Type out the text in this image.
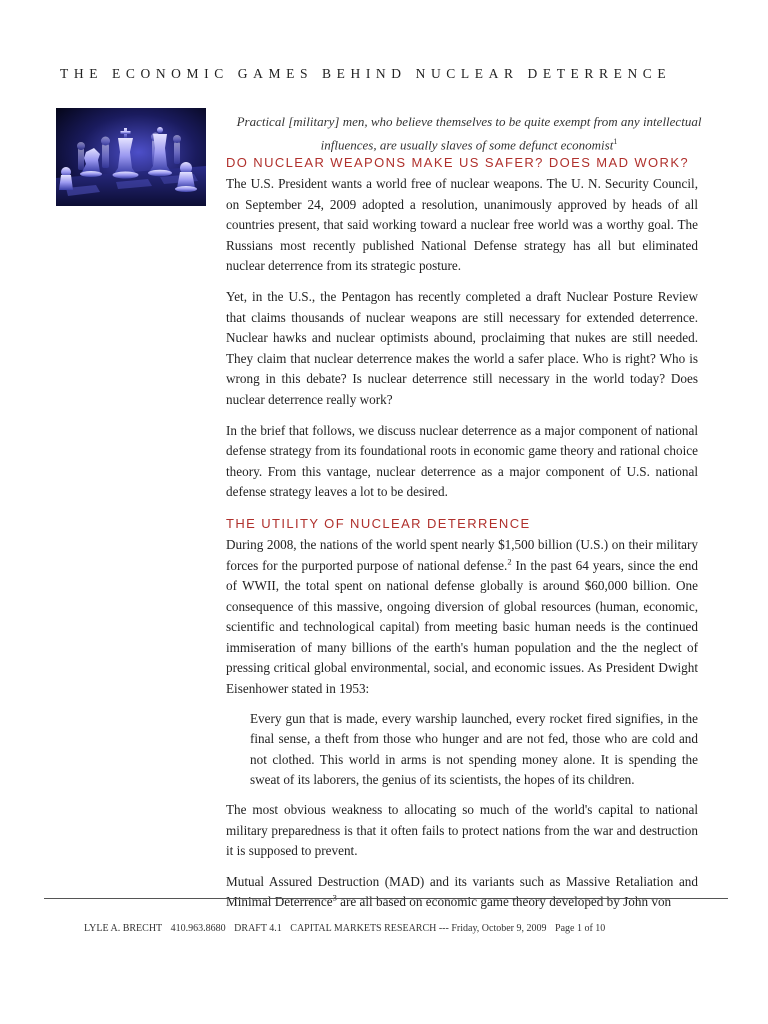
THE ECONOMIC GAMES BEHIND NUCLEAR DETERRENCE
Practical [military] men, who believe themselves to be quite exempt from any intellectual influences, are usually slaves of some defunct economist$^1$
DO NUCLEAR WEAPONS MAKE US SAFER? DOES MAD WORK?

The U.S. President wants a world free of nuclear weapons. The U. N. Security Council, on September 24, 2009 adopted a resolution, unanimously approved by heads of all countries present, that said working toward a nuclear free world was a worthy goal. The Russians most recently published National Defense strategy has all but eliminated nuclear deterrence from its strategic posture.

Yet, in the U.S., the Pentagon has recently completed a draft Nuclear Posture Review that claims thousands of nuclear weapons are still necessary for extended deterrence. Nuclear hawks and nuclear optimists abound, proclaiming that nukes are still needed. They claim that nuclear deterrence makes the world a safer place. Who is right? Who is wrong in this debate? Is nuclear deterrence still necessary in the world today? Does nuclear deterrence really work?

In the brief that follows, we discuss nuclear deterrence as a major component of national defense strategy from its foundational roots in economic game theory and rational choice theory. From this vantage, nuclear deterrence as a major component of U.S. national defense strategy leaves a lot to be desired.

THE UTILITY OF NUCLEAR DETERRENCE

During 2008, the nations of the world spent nearly $1,500 billion (U.S.) on their military forces for the purported purpose of national defense.$^2$ In the past 64 years, since the end of WWII, the total spent on national defense globally is around $60,000 billion. One consequence of this massive, ongoing diversion of global resources (human, economic, scientific and technological capital) from meeting basic human needs is the continued immiseration of many billions of the earth's human population and the the neglect of pressing critical global environmental, social, and economic issues. As President Dwight Eisenhower stated in 1953:

Every gun that is made, every warship launched, every rocket fired signifies, in the final sense, a theft from those who hunger and are not fed, those who are cold and not clothed. This world in arms is not spending money alone. It is spending the sweat of its laborers, the genius of its scientists, the hopes of its children.

The most obvious weakness to allocating so much of the world's capital to national military preparedness is that it often fails to protect nations from the war and destruction it is supposed to prevent.

Mutual Assured Destruction (MAD) and its variants such as Massive Retaliation and Minimal Deterrence$^3$ are all based on economic game theory developed by John von

LYLE A. BRECHT 410.963.8680 DRAFT 4.1 CAPITAL MARKETS RESEARCH --- Friday, October 9, 2009 Page 1 of 10
